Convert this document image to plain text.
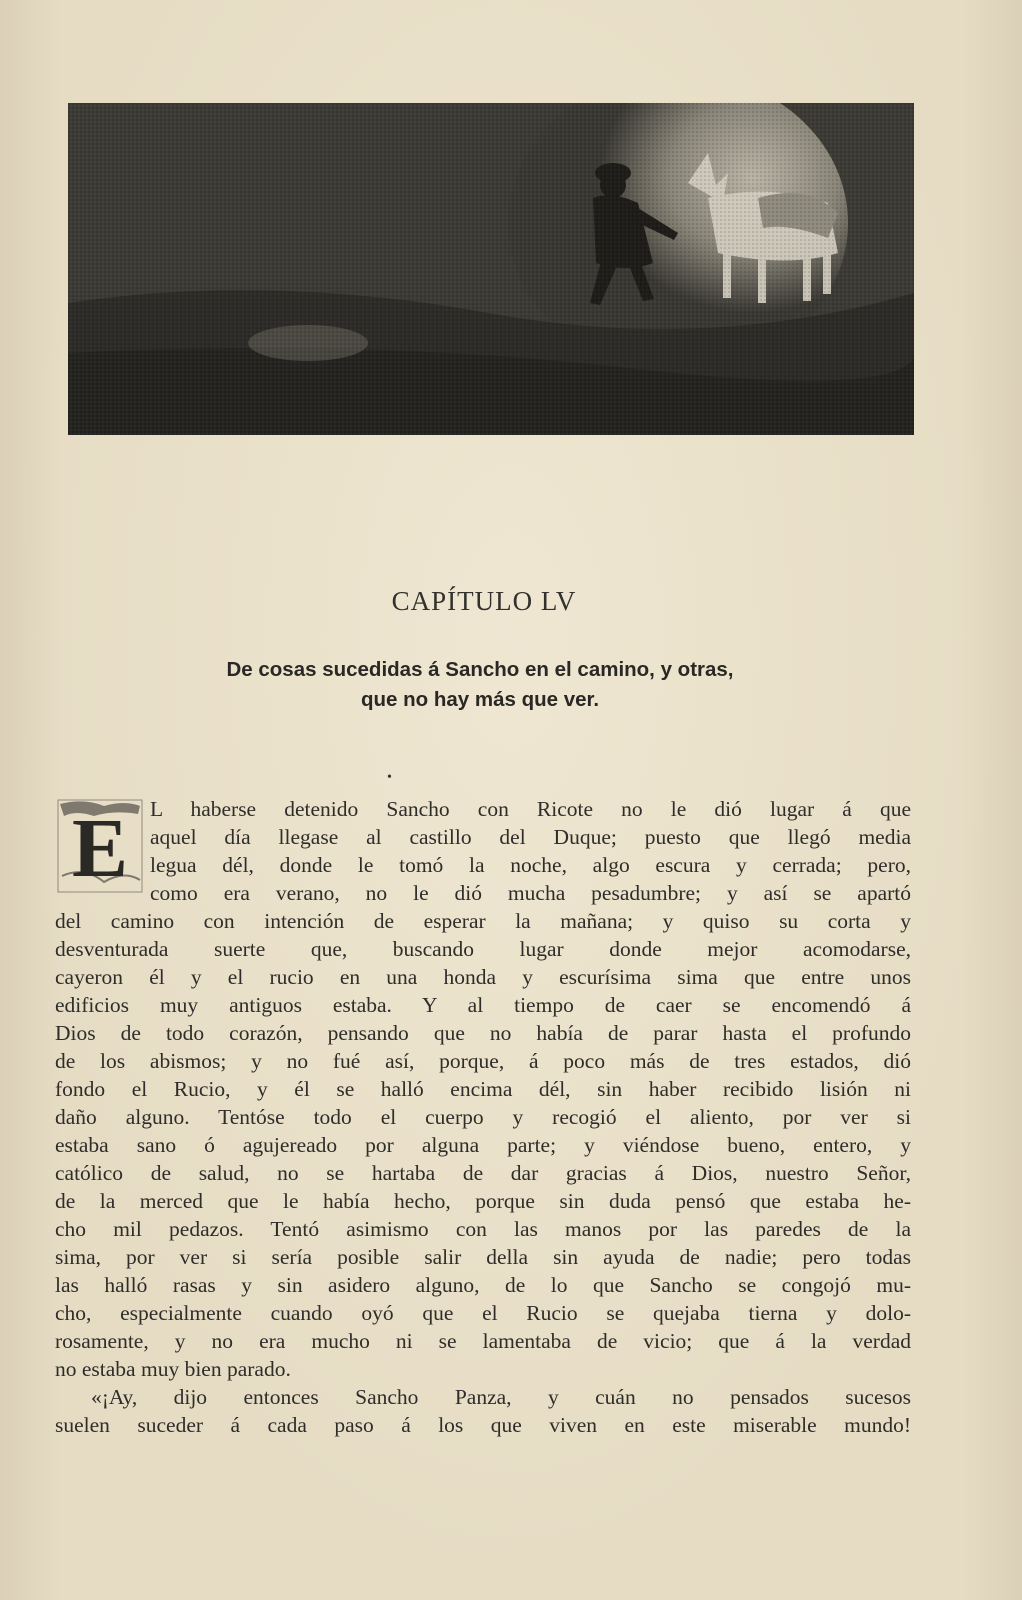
CAPÍTULO LV
De cosas sucedidas á Sancho en el camino, y otras,
que no hay más que ver.
•
E	L haberse detenido Sancho con Ricote no le dió lugar á que
aquel día llegase al castillo del Duque; puesto que llegó media
legua dél, donde le tomó la noche, algo escura y cerrada; pero,
como era verano, no le dió mucha pesadumbre; y así se apartó
del camino con intención de esperar la mañana; y quiso su corta y
desventurada suerte que, buscando lugar donde mejor acomodarse,
cayeron él y el rucio en una honda y escurísima sima que entre unos
edificios muy antiguos estaba. Y al tiempo de caer se encomendó á
Dios de todo corazón, pensando que no había de parar hasta el profundo
de los abismos; y no fué así, porque, á poco más de tres estados, dió
fondo el Rucio, y él se halló encima dél, sin haber recibido lisión ni
daño alguno. Tentóse todo el cuerpo y recogió el aliento, por ver si
estaba sano ó agujereado por alguna parte; y viéndose bueno, entero, y
católico de salud, no se hartaba de dar gracias á Dios, nuestro Señor,
de la merced que le había hecho, porque sin duda pensó que estaba he-
cho mil pedazos. Tentó asimismo con las manos por las paredes de la
sima, por ver si sería posible salir della sin ayuda de nadie; pero todas
las halló rasas y sin asidero alguno, de lo que Sancho se congojó mu-
cho, especialmente cuando oyó que el Rucio se quejaba tierna y dolo-
rosamente, y no era mucho ni se lamentaba de vicio; que á la verdad
no estaba muy bien parado.
«¡Ay, dijo entonces Sancho Panza, y cuán no pensados sucesos
suelen suceder á cada paso á los que viven en este miserable mundo!
